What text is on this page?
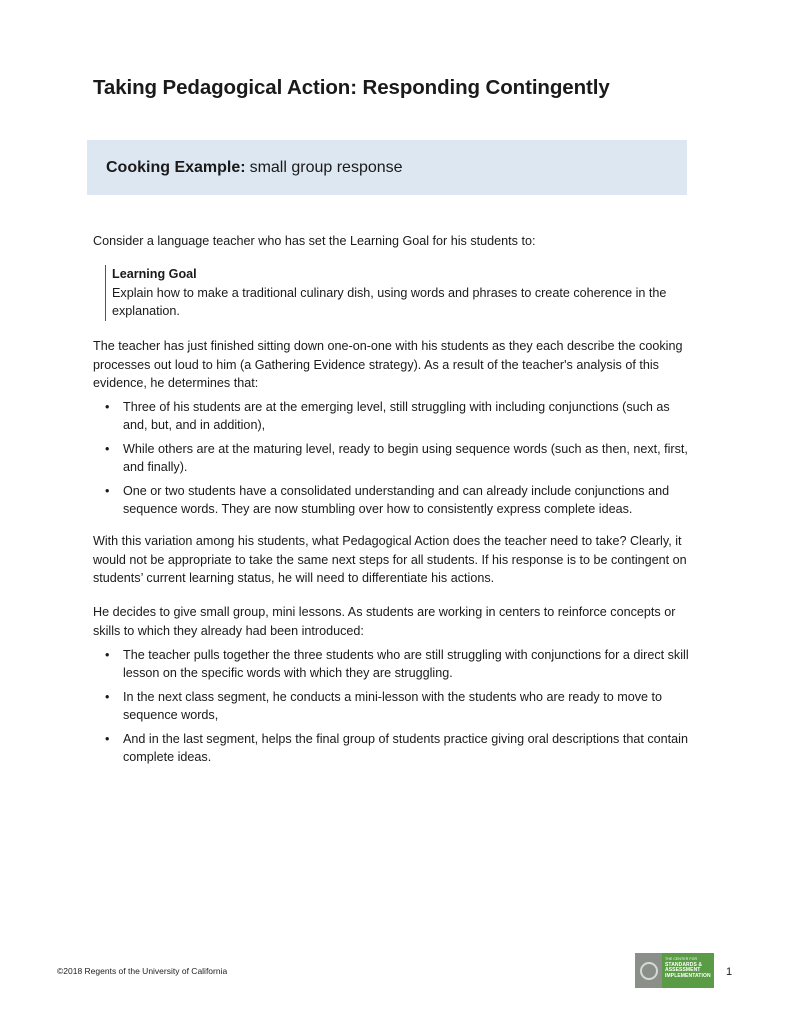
Taking Pedagogical Action: Responding Contingently
Cooking Example: small group response

Consider a language teacher who has set the Learning Goal for his students to:

Learning Goal
Explain how to make a traditional culinary dish, using words and phrases to create coherence in the explanation.

The teacher has just finished sitting down one-on-one with his students as they each describe the cooking processes out loud to him (a Gathering Evidence strategy). As a result of the teacher's analysis of this evidence, he determines that:

• Three of his students are at the emerging level, still struggling with including conjunctions (such as and, but, and in addition),
• While others are at the maturing level, ready to begin using sequence words (such as then, next, first, and finally).
• One or two students have a consolidated understanding and can already include conjunctions and sequence words. They are now stumbling over how to consistently express complete ideas.

With this variation among his students, what Pedagogical Action does the teacher need to take? Clearly, it would not be appropriate to take the same next steps for all students. If his response is to be contingent on students’ current learning status, he will need to differentiate his actions.

He decides to give small group, mini lessons. As students are working in centers to reinforce concepts or skills to which they already had been introduced:

• The teacher pulls together the three students who are still struggling with conjunctions for a direct skill lesson on the specific words with which they are struggling.
• In the next class segment, he conducts a mini-lesson with the students who are ready to move to sequence words,
• And in the last segment, helps the final group of students practice giving oral descriptions that contain complete ideas.
©2018 Regents of the University of California
THE CENTER FOR
STANDARDS &
ASSESSMENT
IMPLEMENTATION 1
